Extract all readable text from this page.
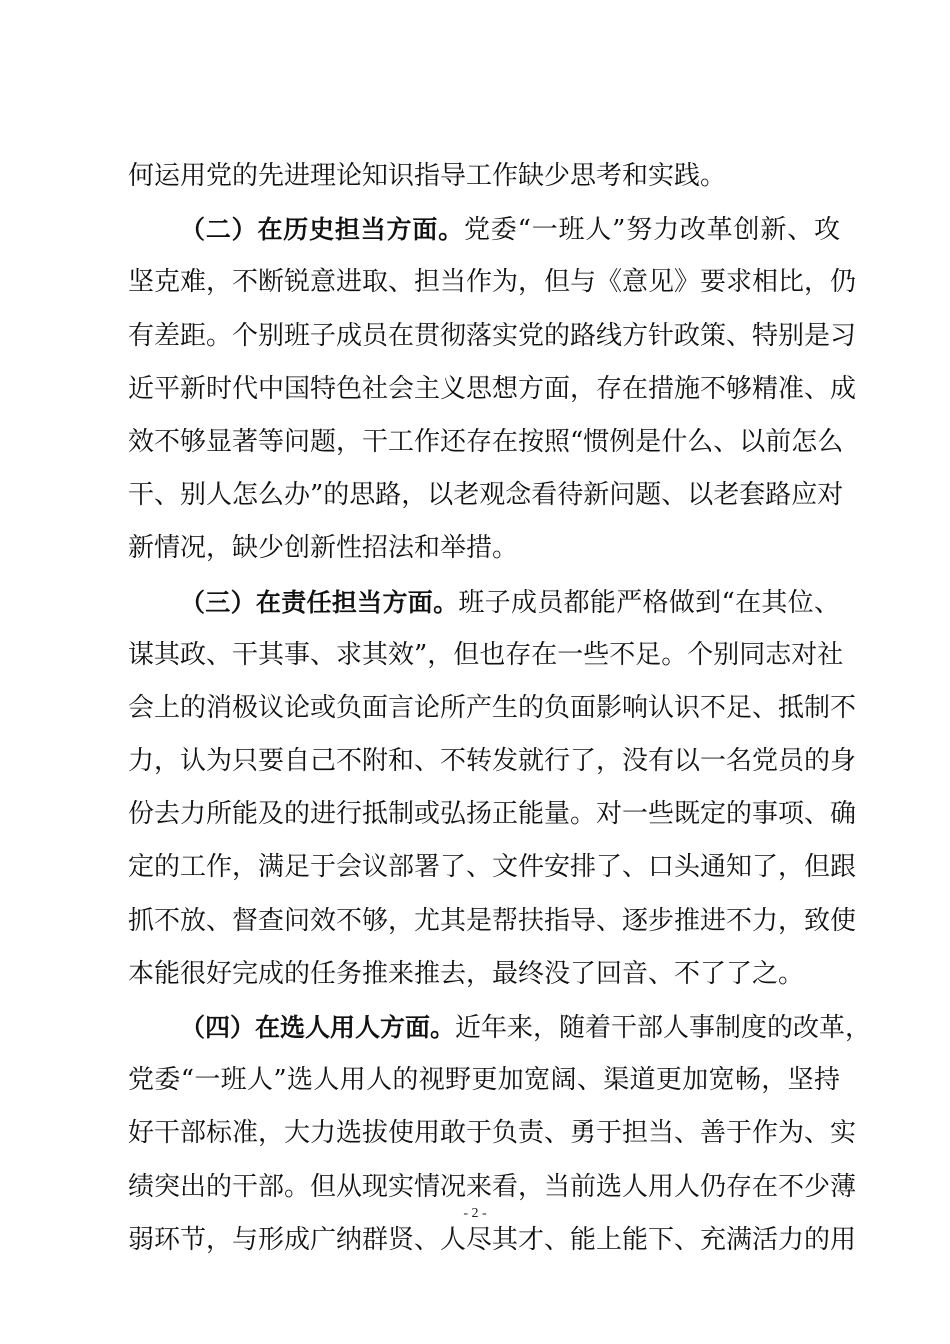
何运用党的先进理论知识指导工作缺少思考和实践。
（二）在历史担当方面。党委“一班人”努力改革创新、攻
坚克难，不断锐意进取、担当作为，但与《意见》要求相比，仍
有差距。个别班子成员在贯彻落实党的路线方针政策、特别是习
近平新时代中国特色社会主义思想方面，存在措施不够精准、成
效不够显著等问题，干工作还存在按照“惯例是什么、以前怎么
干、别人怎么办”的思路，以老观念看待新问题、以老套路应对
新情况，缺少创新性招法和举措。
（三）在责任担当方面。班子成员都能严格做到“在其位、
谋其政、干其事、求其效”，但也存在一些不足。个别同志对社
会上的消极议论或负面言论所产生的负面影响认识不足、抵制不
力，认为只要自己不附和、不转发就行了，没有以一名党员的身
份去力所能及的进行抵制或弘扬正能量。对一些既定的事项、确
定的工作，满足于会议部署了、文件安排了、口头通知了，但跟
抓不放、督查问效不够，尤其是帮扶指导、逐步推进不力，致使
本能很好完成的任务推来推去，最终没了回音、不了了之。
（四）在选人用人方面。近年来，随着干部人事制度的改革，
党委“一班人”选人用人的视野更加宽阔、渠道更加宽畅，坚持
好干部标准，大力选拔使用敢于负责、勇于担当、善于作为、实
绩突出的干部。但从现实情况来看，当前选人用人仍存在不少薄
弱环节，与形成广纳群贤、人尽其才、能上能下、充满活力的用
- 2 -
